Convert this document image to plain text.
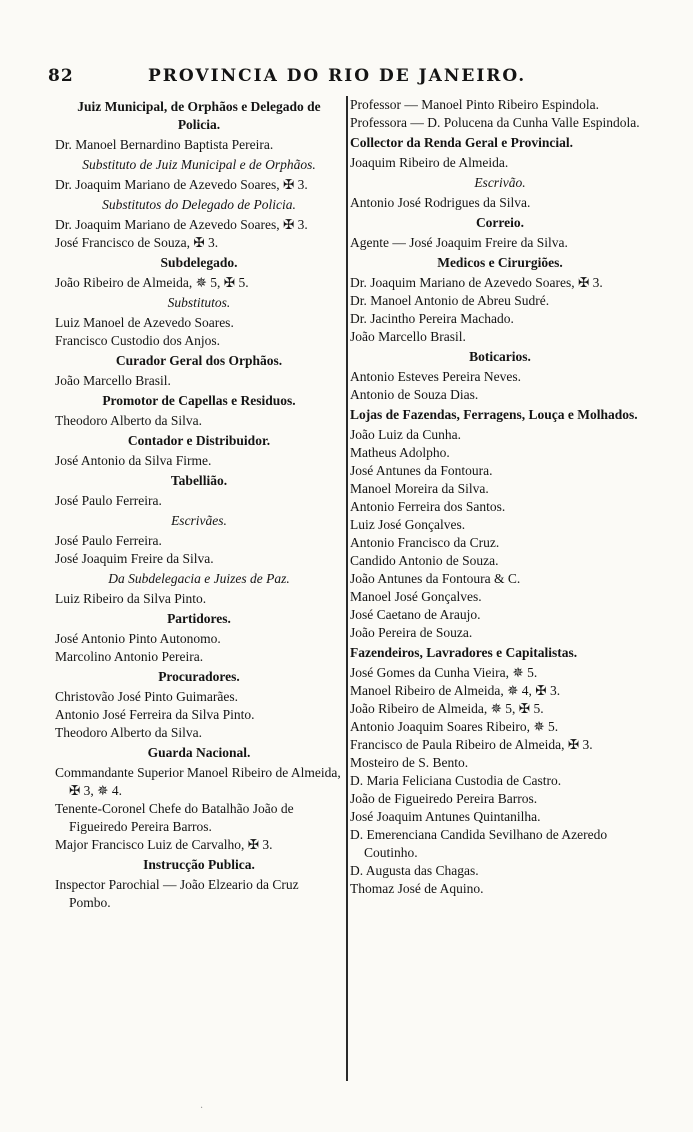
82	PROVINCIA DO RIO DE JANEIRO.
Juiz Municipal, de Orphãos e Delegado de Policia.
Dr. Manoel Bernardino Baptista Pereira.
Substituto de Juiz Municipal e de Orphãos.
Dr. Joaquim Mariano de Azevedo Soares, ✠ 3.
Substitutos do Delegado de Policia.
Dr. Joaquim Mariano de Azevedo Soares, ✠ 3.
José Francisco de Souza, ✠ 3.
Subdelegado.
João Ribeiro de Almeida, ✵ 5, ✠ 5.
Substitutos.
Luiz Manoel de Azevedo Soares.
Francisco Custodio dos Anjos.
Curador Geral dos Orphãos.
João Marcello Brasil.
Promotor de Capellas e Residuos.
Theodoro Alberto da Silva.
Contador e Distribuidor.
José Antonio da Silva Firme.
Tabellião.
José Paulo Ferreira.
Escrivães.
José Paulo Ferreira.
José Joaquim Freire da Silva.
Da Subdelegacia e Juizes de Paz.
Luiz Ribeiro da Silva Pinto.
Partidores.
José Antonio Pinto Autonomo.
Marcolino Antonio Pereira.
Procuradores.
Christovão José Pinto Guimarães.
Antonio José Ferreira da Silva Pinto.
Theodoro Alberto da Silva.
Guarda Nacional.
Commandante Superior Manoel Ribeiro de Almeida, ✠ 3, ✵ 4.
Tenente-Coronel Chefe do Batalhão João de Figueiredo Pereira Barros.
Major Francisco Luiz de Carvalho, ✠ 3.
Instrucção Publica.
Inspector Parochial — João Elzeario da Cruz Pombo.
Professor — Manoel Pinto Ribeiro Espindola.
Professora — D. Polucena da Cunha Valle Espindola.
Collector da Renda Geral e Provincial.
Joaquim Ribeiro de Almeida.
Escrivão.
Antonio José Rodrigues da Silva.
Correio.
Agente — José Joaquim Freire da Silva.
Medicos e Cirurgiões.
Dr. Joaquim Mariano de Azevedo Soares, ✠ 3.
Dr. Manoel Antonio de Abreu Sudré.
Dr. Jacintho Pereira Machado.
João Marcello Brasil.
Boticarios.
Antonio Esteves Pereira Neves.
Antonio de Souza Dias.
Lojas de Fazendas, Ferragens, Louça e Molhados.
João Luiz da Cunha.
Matheus Adolpho.
José Antunes da Fontoura.
Manoel Moreira da Silva.
Antonio Ferreira dos Santos.
Luiz José Gonçalves.
Antonio Francisco da Cruz.
Candido Antonio de Souza.
João Antunes da Fontoura & C.
Manoel José Gonçalves.
José Caetano de Araujo.
João Pereira de Souza.
Fazendeiros, Lavradores e Capitalistas.
José Gomes da Cunha Vieira, ✵ 5.
Manoel Ribeiro de Almeida, ✵ 4, ✠ 3.
João Ribeiro de Almeida, ✵ 5, ✠ 5.
Antonio Joaquim Soares Ribeiro, ✵ 5.
Francisco de Paula Ribeiro de Almeida, ✠ 3.
Mosteiro de S. Bento.
D. Maria Feliciana Custodia de Castro.
João de Figueiredo Pereira Barros.
José Joaquim Antunes Quintanilha.
D. Emerenciana Candida Sevilhano de Azeredo Coutinho.
D. Augusta das Chagas.
Thomaz José de Aquino.
·
